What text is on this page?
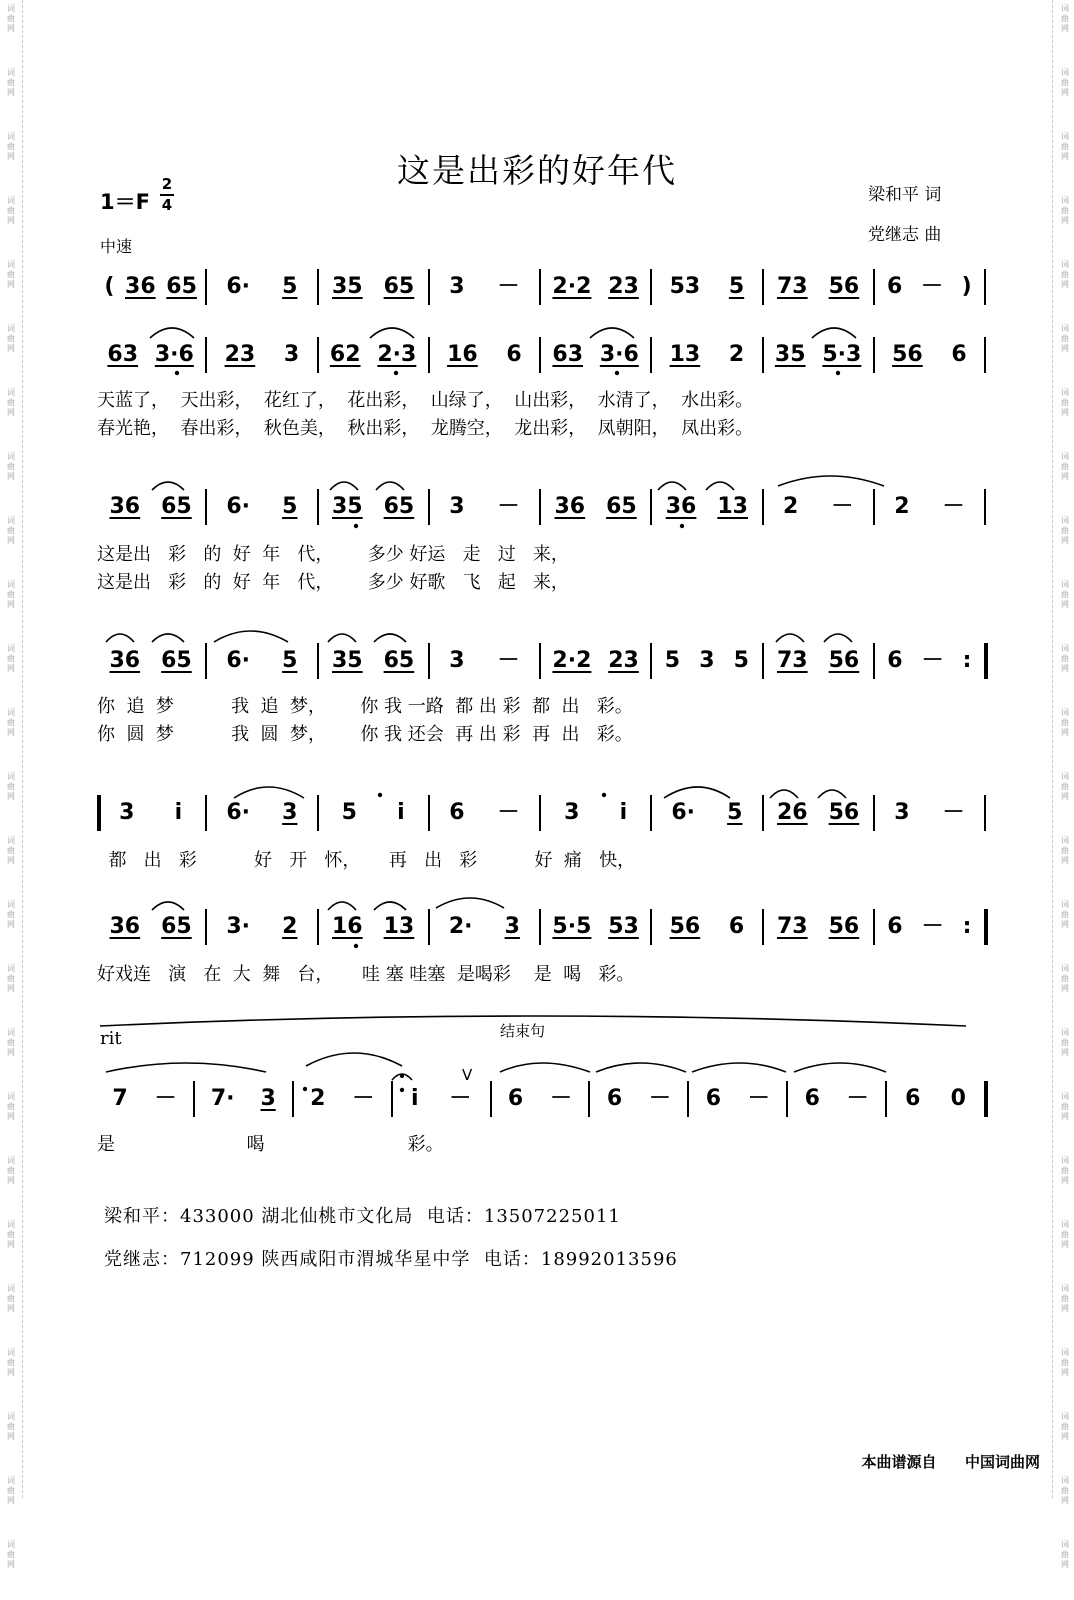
词
曲
网
词
曲
网
词
曲
网
词
曲
网
词
曲
网
词
曲
网
词
曲
网
词
曲
网
词
曲
网
词
曲
网
词
曲
网
词
曲
网
词
曲
网
词
曲
网
词
曲
网
词
曲
网
词
曲
网
词
曲
网
词
曲
网
词
曲
网
词
曲
网
词
曲
网
词
曲
网
词
曲
网
词
曲
网
词
曲
网
词
曲
网
词
曲
网
词
曲
网
词
曲
网
词
曲
网
词
曲
网
词
曲
网
词
曲
网
词
曲
网
词
曲
网
词
曲
网
词
曲
网
词
曲
网
词
曲
网
词
曲
网
词
曲
网
词
曲
网
词
曲
网
词
曲
网
词
曲
网
词
曲
网
词
曲
网
词
曲
网
词
曲
网
这是出彩的好年代
梁和平 词
党继志 曲
1＝F
2
4
中速
( 36 65 6· 5 35 65 3 － 2·2 23 53 5 73 56 6 － )
63 3·6 23 3 62 2·3 16 6 63 3·6 13 2 35 5·3 56 6
36 65 6· 5 35 65 3 － 36 65 36 13 2 － 2 －
36 65 6· 5 35 65 3 － 2·2 23 5 3 5 73 56 6 － :
3 i 6· 3 5 i 6 － 3 i 6· 5 26 56 3 －
36 65 3· 2 16 13 2· 3 5·5 53 56 6 73 56 6 － :
7 － 7· 3 2 － i － 6 － 6 － 6 － 6 － 6 0
rit	结束句
V
天蓝了，  天出彩，  花红了，  花出彩，  山绿了，  山出彩，  水清了，  水出彩。
春光艳，  春出彩，  秋色美，  秋出彩，  龙腾空，  龙出彩，  凤朝阳，  凤出彩。
这是出   彩   的  好  年   代，      多少 好运   走   过   来，
这是出   彩   的  好  年   代，      多少 好歌   飞   起   来，
你  追  梦          我  追  梦，      你 我 一路  都 出 彩  都  出   彩。
你  圆  梦          我  圆  梦，      你 我 还会  再 出 彩  再  出   彩。
都   出   彩          好   开   怀，     再   出   彩          好  痛   快，
好戏连   演   在  大  舞   台，     哇 塞 哇塞  是喝彩    是  喝   彩。
是                       喝                         彩。
梁和平：433000 湖北仙桃市文化局  电话：13507225011
党继志：712099 陕西咸阳市渭城华星中学  电话：18992013596
本曲谱源自 中国词曲网
